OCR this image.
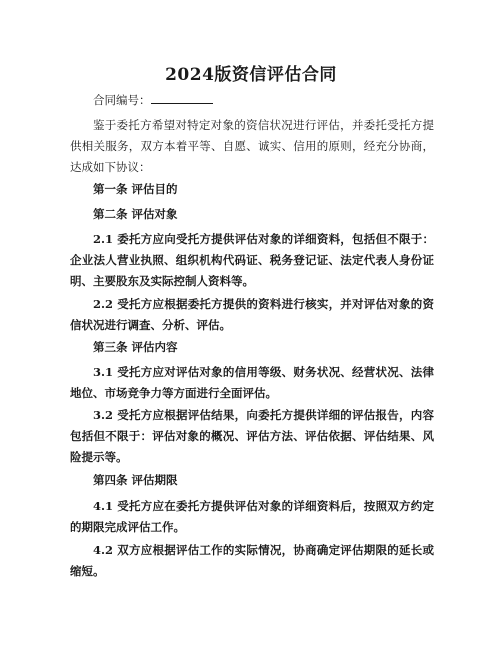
2024版资信评估合同

合同编号：

鉴于委托方希望对特定对象的资信状况进行评估，并委托受托方提供相关服务，双方本着平等、自愿、诚实、信用的原则，经充分协商，达成如下协议：

第一条 评估目的

第二条 评估对象

2.1 委托方应向受托方提供评估对象的详细资料，包括但不限于：企业法人营业执照、组织机构代码证、税务登记证、法定代表人身份证明、主要股东及实际控制人资料等。

2.2 受托方应根据委托方提供的资料进行核实，并对评估对象的资信状况进行调查、分析、评估。

第三条 评估内容

3.1 受托方应对评估对象的信用等级、财务状况、经营状况、法律地位、市场竞争力等方面进行全面评估。

3.2 受托方应根据评估结果，向委托方提供详细的评估报告，内容包括但不限于：评估对象的概况、评估方法、评估依据、评估结果、风险提示等。

第四条 评估期限

4.1 受托方应在委托方提供评估对象的详细资料后，按照双方约定的期限完成评估工作。

4.2 双方应根据评估工作的实际情况，协商确定评估期限的延长或缩短。
